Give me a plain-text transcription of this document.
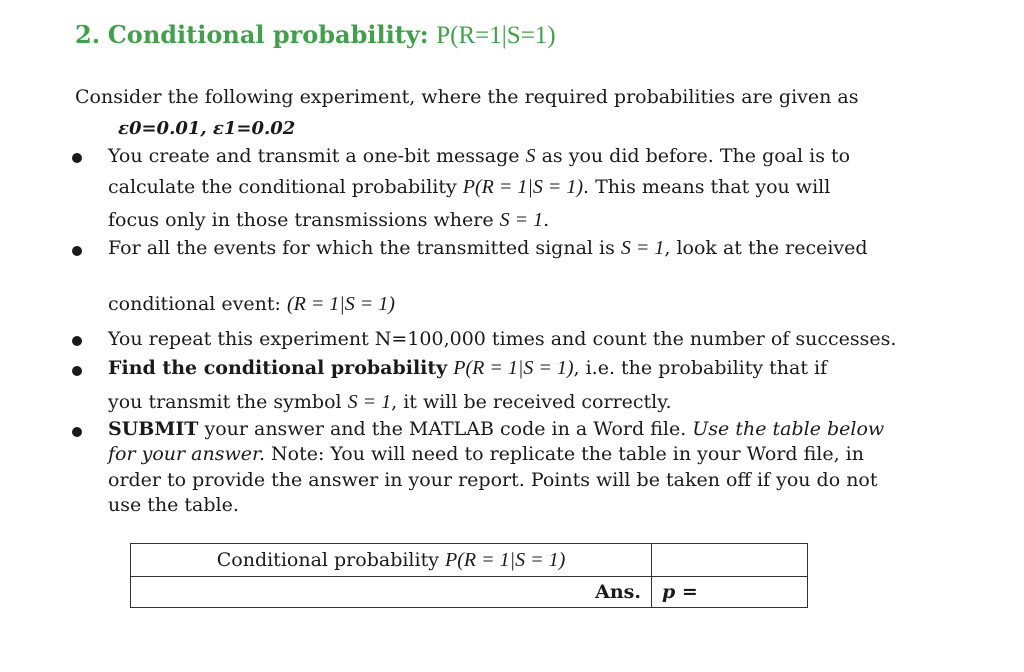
2. Conditional probability: P(R=1|S=1)
Consider the following experiment, where the required probabilities are given as
ε0=0.01, ε1=0.02
You create and transmit a one-bit message S as you did before. The goal is to
calculate the conditional probability P(R = 1|S = 1). This means that you will
focus only in those transmissions where S = 1.
For all the events for which the transmitted signal is S = 1, look at the received
conditional event: (R = 1|S = 1)
You repeat this experiment N=100,000 times and count the number of successes.
Find the conditional probability P(R = 1|S = 1), i.e. the probability that if
you transmit the symbol S = 1, it will be received correctly.
SUBMIT your answer and the MATLAB code in a Word file. Use the table below
for your answer. Note: You will need to replicate the table in your Word file, in
order to provide the answer in your report. Points will be taken off if you do not
use the table.
Conditional probability P(R = 1|S = 1)	
Ans.	p =
